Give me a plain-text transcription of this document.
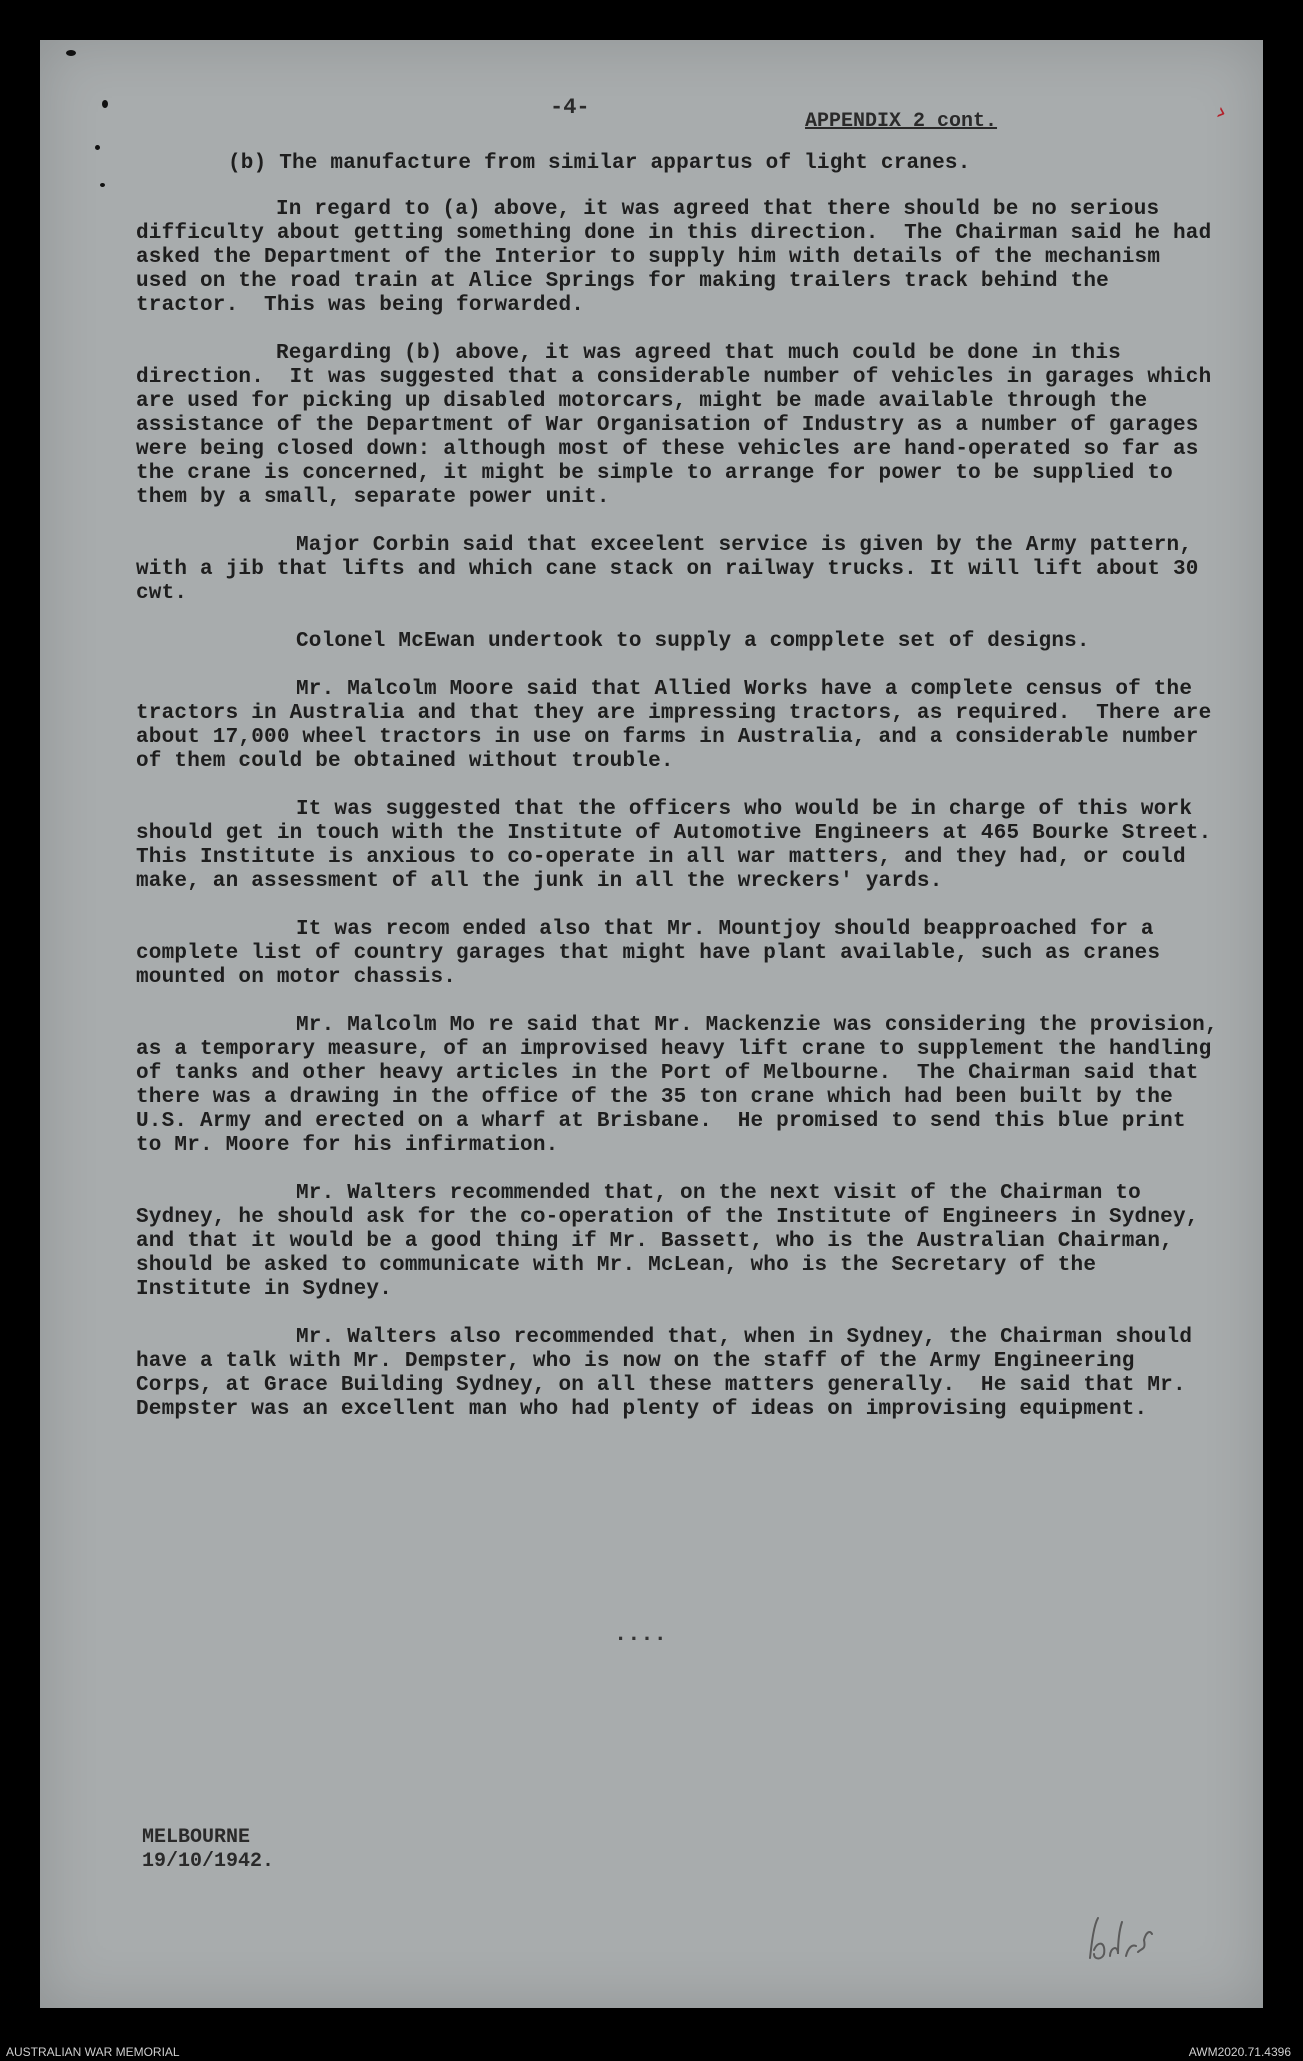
-4-
APPENDIX 2 cont.	›

(b) The manufacture from similar appartus of light cranes.

In regard to (a) above, it was agreed that there should be no serious difficulty about getting something done in this direction.  The Chairman said he had asked the Department of the Interior to supply him with details of the mechanism used on the road train at Alice Springs for making trailers track behind the tractor.  This was being forwarded.

Regarding (b) above, it was agreed that much could be done in this direction.  It was suggested that a considerable number of vehicles in garages which are used for picking up disabled motorcars, might be made available through the assistance of the Department of War Organisation of Industry as a number of garages were being closed down: although most of these vehicles are hand-operated so far as the crane is concerned, it might be simple to arrange for power to be supplied to them by a small, separate power unit.

Major Corbin said that exceelent service is given by the Army pattern, with a jib that lifts and which cane stack on railway trucks. It will lift about 30 cwt.

Colonel McEwan undertook to supply a compplete set of designs.

Mr. Malcolm Moore said that Allied Works have a complete census of the tractors in Australia and that they are impressing tractors, as required.  There are about 17,000 wheel tractors in use on farms in Australia, and a considerable number of them could be obtained without trouble.

It was suggested that the officers who would be in charge of this work should get in touch with the Institute of Automotive Engineers at 465 Bourke Street. This Institute is anxious to co-operate in all war matters, and they had, or could make, an assessment of all the junk in all the wreckers' yards.

It was recom ended also that Mr. Mountjoy should beapproached for a complete list of country garages that might have plant available, such as cranes mounted on motor chassis.

Mr. Malcolm Mo re said that Mr. Mackenzie was considering the provision, as a temporary measure, of an improvised heavy lift crane to supplement the handling of tanks and other heavy articles in the Port of Melbourne.  The Chairman said that there was a drawing in the office of the 35 ton crane which had been built by the U.S. Army and erected on a wharf at Brisbane.  He promised to send this blue print to Mr. Moore for his infirmation.

Mr. Walters recommended that, on the next visit of the Chairman to Sydney, he should ask for the co-operation of the Institute of Engineers in Sydney, and that it would be a good thing if Mr. Bassett, who is the Australian Chairman, should be asked to communicate with Mr. McLean, who is the Secretary of the Institute in Sydney.

Mr. Walters also recommended that, when in Sydney, the Chairman should have a talk with Mr. Dempster, who is now on the staff of the Army Engineering Corps, at Grace Building Sydney, on all these matters generally.  He said that Mr. Dempster was an excellent man who had plenty of ideas on improvising equipment.

....
MELBOURNE
19/10/1942.
AUSTRALIAN WAR MEMORIAL	AWM2020.71.4396
